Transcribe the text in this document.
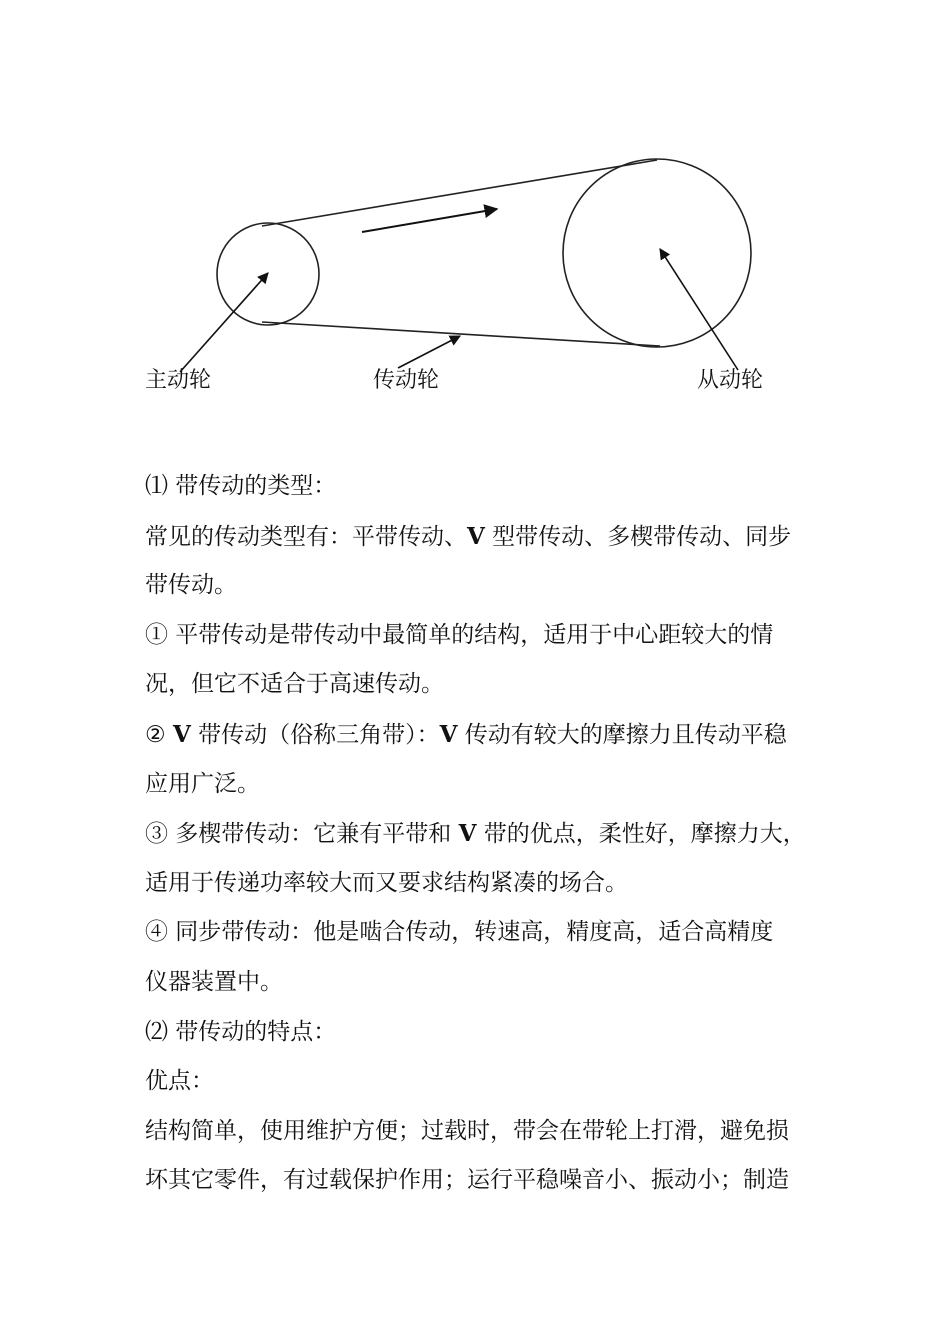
主动轮	传动轮	从动轮
⑴ 带传动的类型：
常见的传动类型有：平带传动、V 型带传动、多楔带传动、同步
带传动。
① 平带传动是带传动中最简单的结构，适用于中心距较大的情
况，但它不适合于高速传动。
② V 带传动（俗称三角带）：V 传动有较大的摩擦力且传动平稳
应用广泛。
③ 多楔带传动：它兼有平带和 V 带的优点，柔性好，摩擦力大，
适用于传递功率较大而又要求结构紧凑的场合。
④ 同步带传动：他是啮合传动，转速高，精度高，适合高精度
仪器装置中。
⑵ 带传动的特点：
优点：
结构简单，使用维护方便；过载时，带会在带轮上打滑，避免损
坏其它零件，有过载保护作用；运行平稳噪音小、振动小；制造
